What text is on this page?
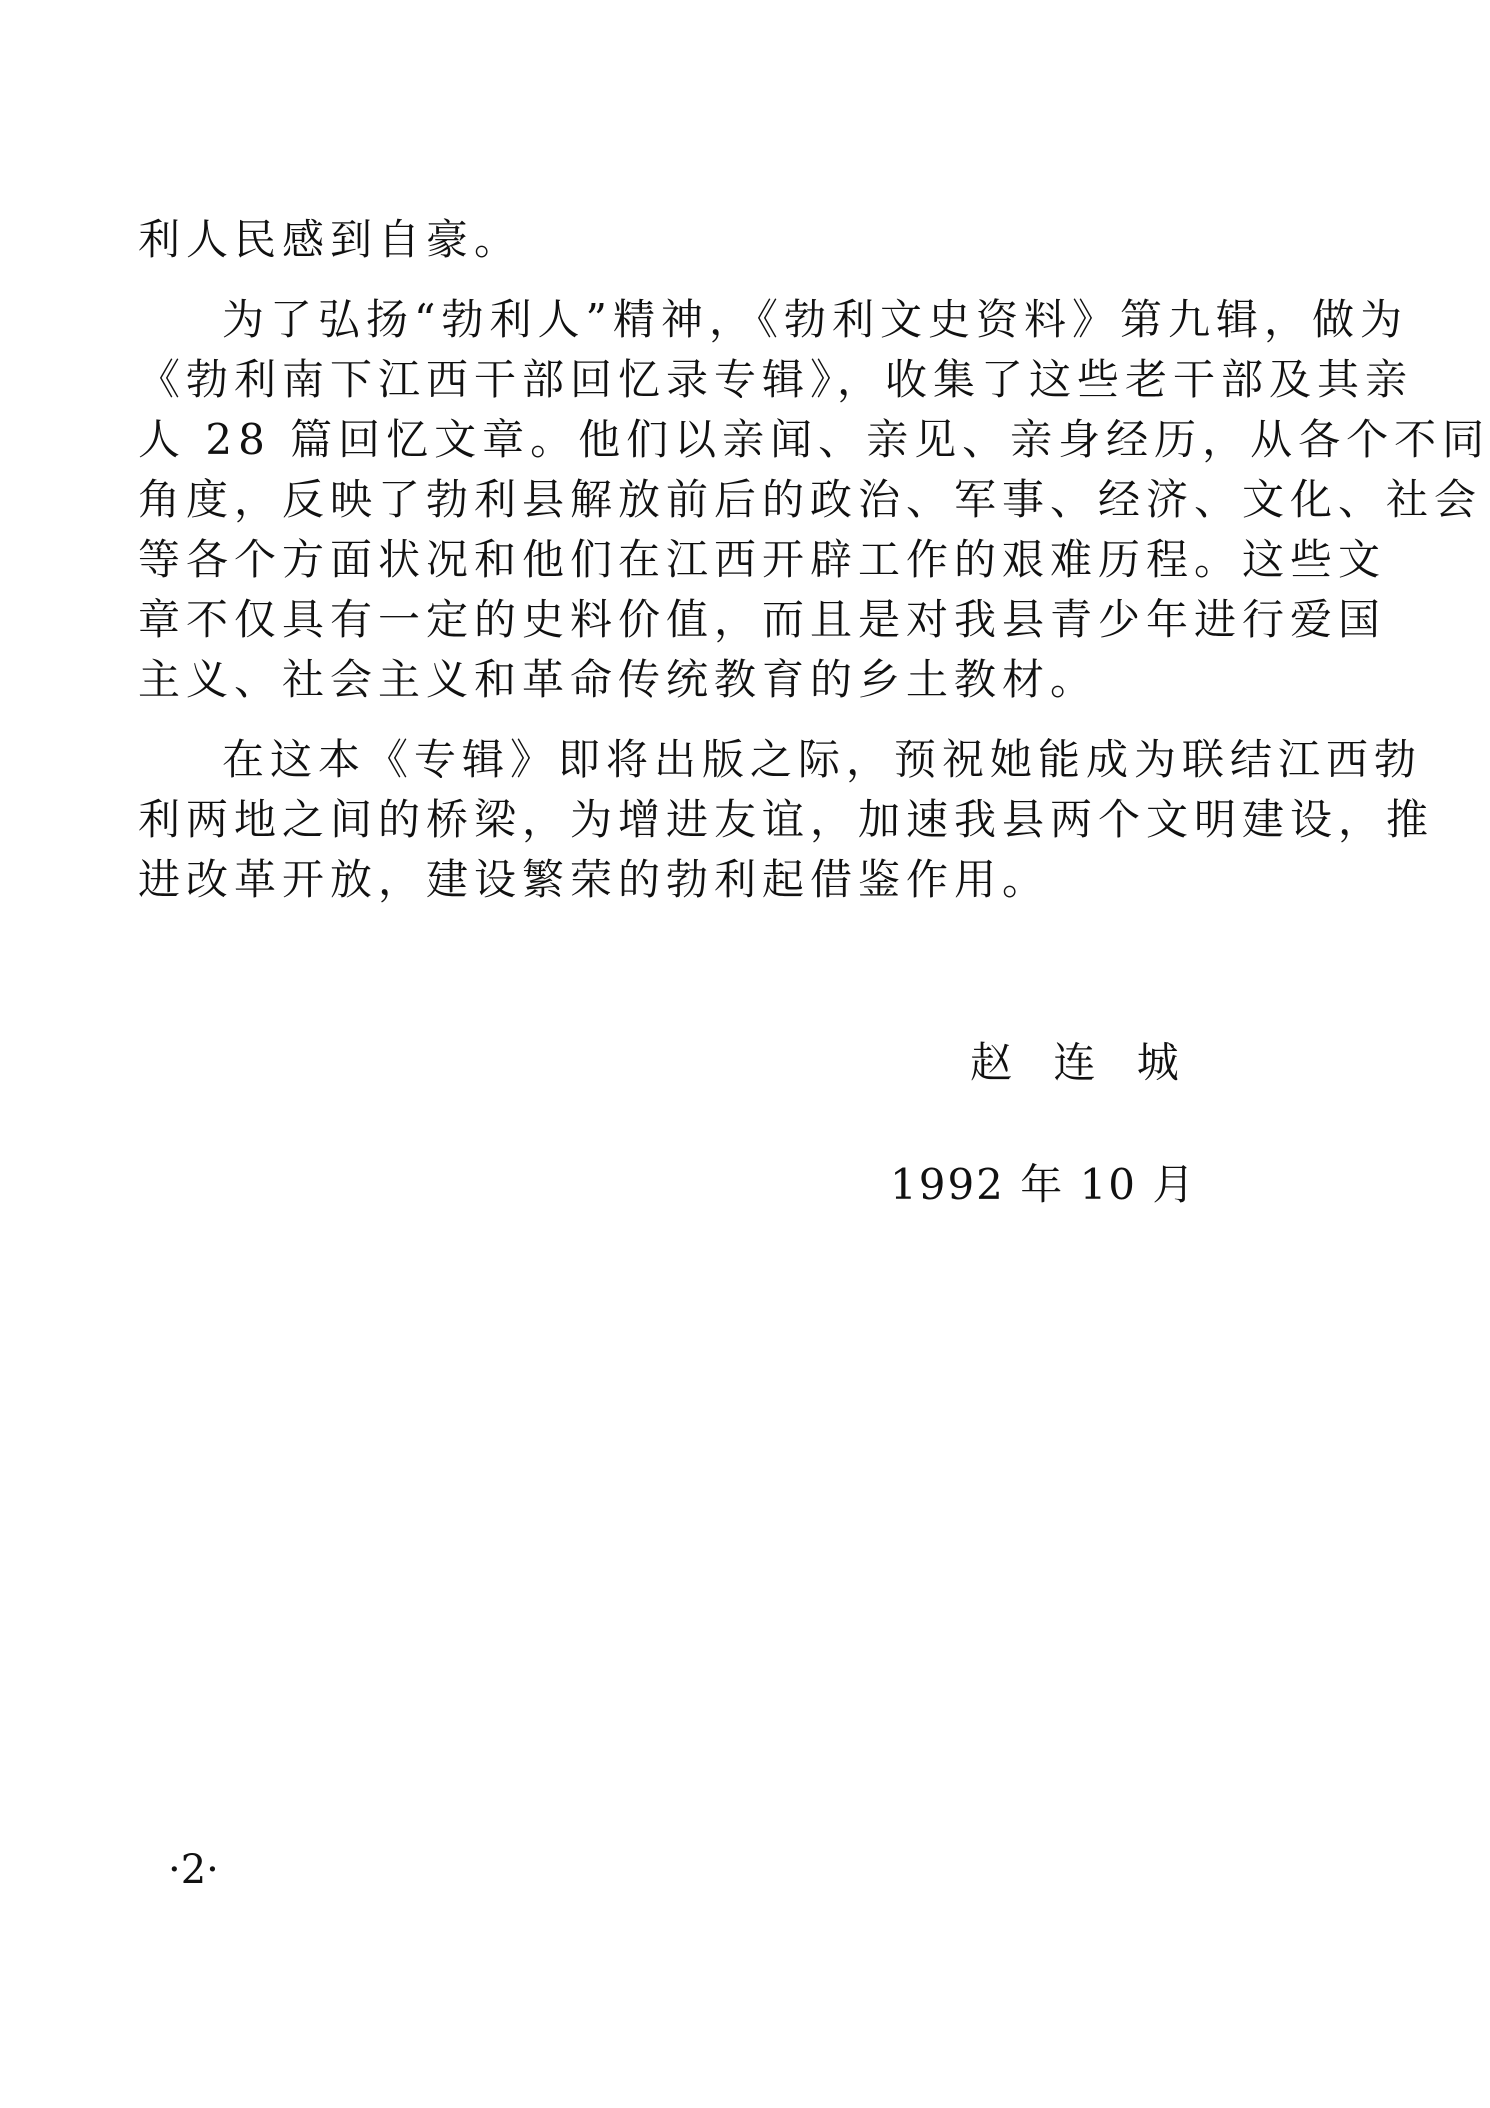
利人民感到自豪。
为了弘扬“勃利人”精神，《勃利文史资料》第九辑，做为
《勃利南下江西干部回忆录专辑》，收集了这些老干部及其亲
人 28 篇回忆文章。他们以亲闻、亲见、亲身经历，从各个不同
角度，反映了勃利县解放前后的政治、军事、经济、文化、社会
等各个方面状况和他们在江西开辟工作的艰难历程。这些文
章不仅具有一定的史料价值，而且是对我县青少年进行爱国
主义、社会主义和革命传统教育的乡土教材。
在这本《专辑》即将出版之际，预祝她能成为联结江西勃
利两地之间的桥梁，为增进友谊，加速我县两个文明建设，推
进改革开放，建设繁荣的勃利起借鉴作用。
赵 连 城
1992 年 10 月
·2·
